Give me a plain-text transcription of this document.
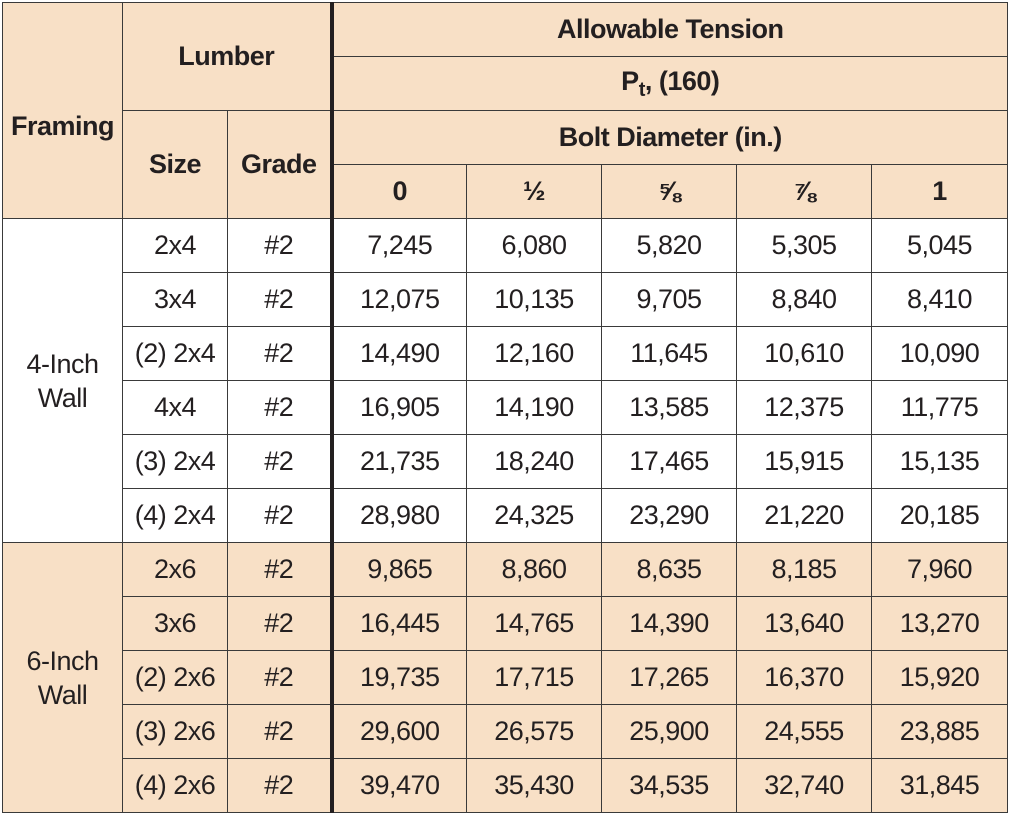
	Lumber		Allowable Tension				
			$P_t$, (160)				
Framing	Size	Grade	Bolt Diameter (in.)				
			0	½	⅝	⅞	1

4-Inch
Wall	2x4	#2	7,245	6,080	5,820	5,305	5,045
	3x4	#2	12,075	10,135	9,705	8,840	8,410
	(2) 2x4	#2	14,490	12,160	11,645	10,610	10,090
	4x4	#2	16,905	14,190	13,585	12,375	11,775
	(3) 2x4	#2	21,735	18,240	17,465	15,915	15,135
	(4) 2x4	#2	28,980	24,325	23,290	21,220	20,185

6-Inch
Wall	2x6	#2	9,865	8,860	8,635	8,185	7,960
	3x6	#2	16,445	14,765	14,390	13,640	13,270
	(2) 2x6	#2	19,735	17,715	17,265	16,370	15,920
	(3) 2x6	#2	29,600	26,575	25,900	24,555	23,885
	(4) 2x6	#2	39,470	35,430	34,535	32,740	31,845
